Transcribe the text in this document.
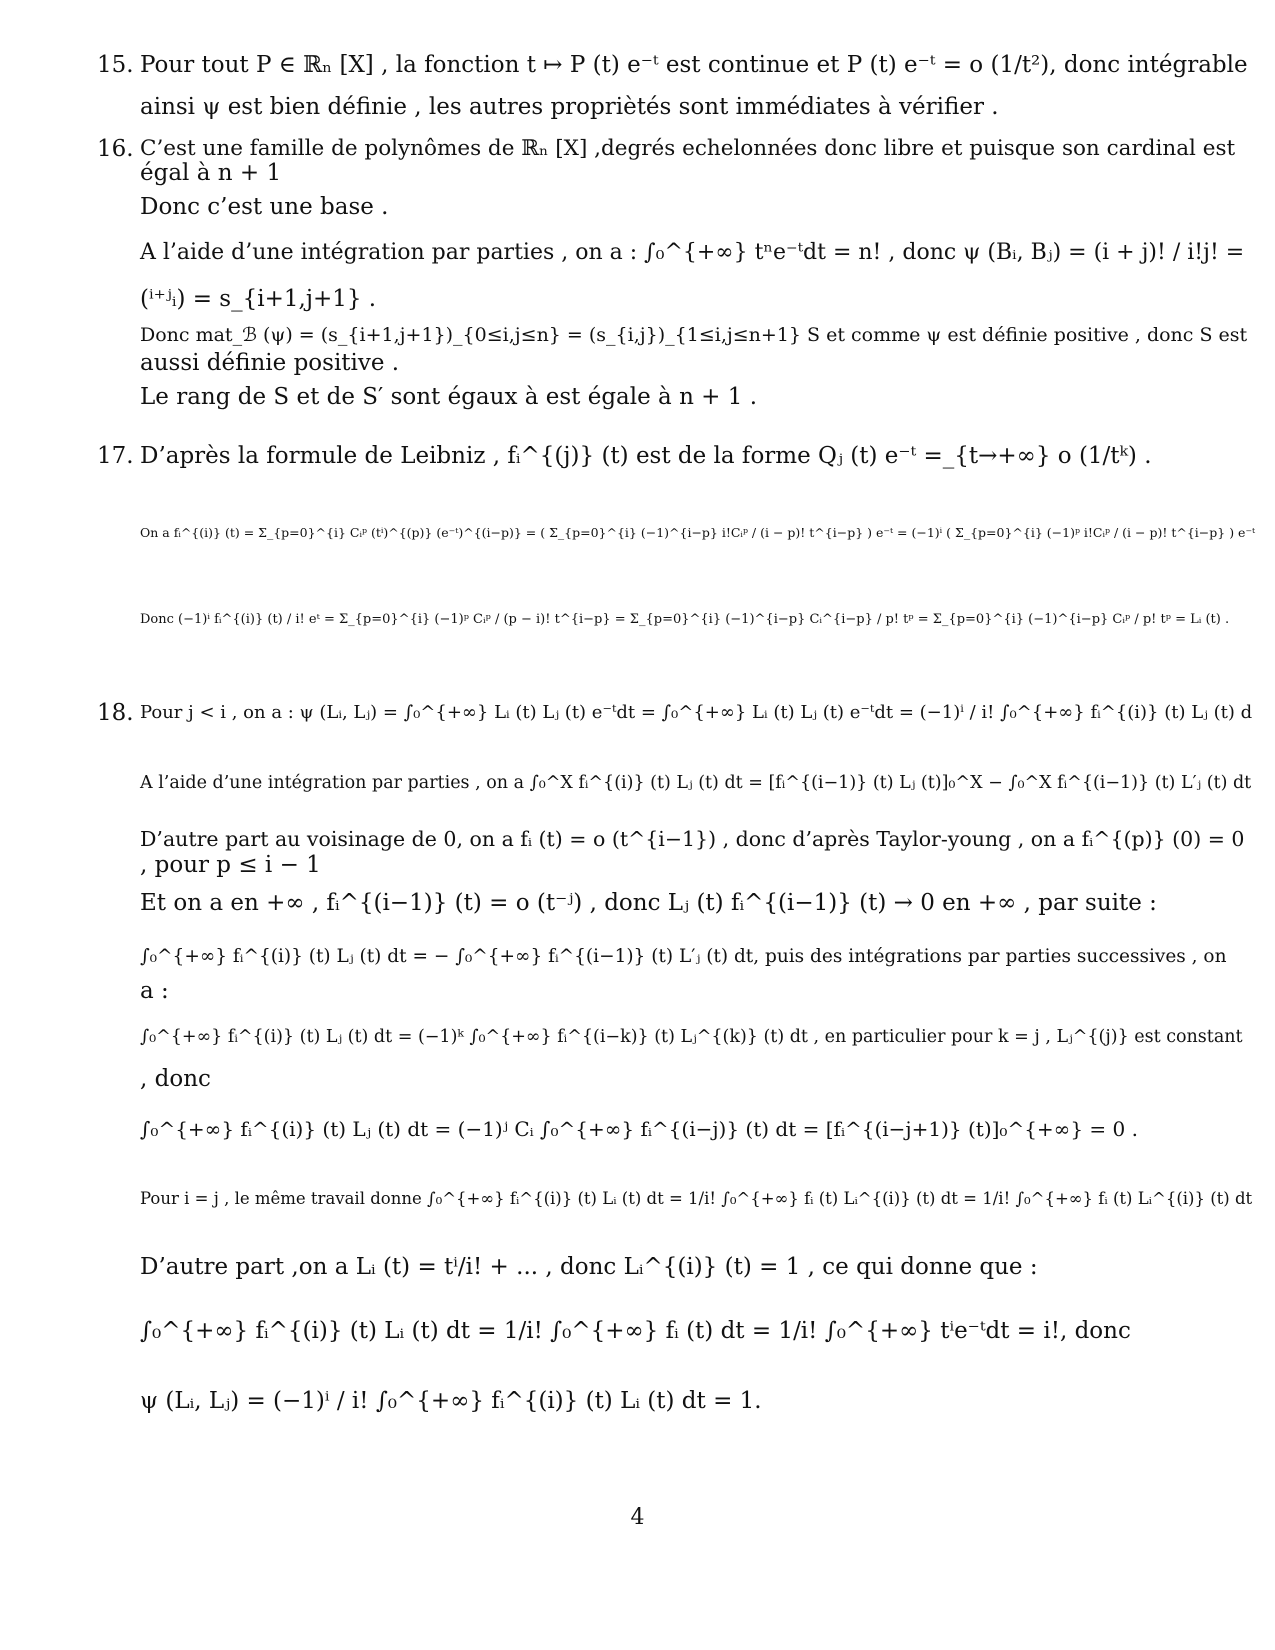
15. Pour tout P ∈ ℝₙ [X] , la fonction t ↦ P (t) e⁻ᵗ est continue et P (t) e⁻ᵗ = o (1/t²), donc intégrable
ainsi ψ est bien définie , les autres propriètés sont immédiates à vérifier .
16. C’est une famille de polynômes de ℝₙ [X] ,degrés echelonnées donc libre et puisque son cardinal est
égal à n + 1
Donc c’est une base .
A l’aide d’une intégration par parties , on a : ∫₀^{+∞} tⁿe⁻ᵗdt = n! , donc ψ (Bᵢ, Bⱼ) = (i + j)! / i!j! =
(ⁱ⁺ʲᵢ) = s_{i+1,j+1} .
Donc mat_ℬ (ψ) = (s_{i+1,j+1})_{0≤i,j≤n} = (s_{i,j})_{1≤i,j≤n+1} S et comme ψ est définie positive , donc S est
aussi définie positive .
Le rang de S et de S′ sont égaux à est égale à n + 1 .
17. D’après la formule de Leibniz , fᵢ^{(j)} (t) est de la forme Qⱼ (t) e⁻ᵗ =_{t→+∞} o (1/tᵏ) .
On a fᵢ^{(i)} (t) = Σ_{p=0}^{i} Cᵢᵖ (tⁱ)^{(p)} (e⁻ᵗ)^{(i−p)} = ( Σ_{p=0}^{i} (−1)^{i−p} i!Cᵢᵖ / (i − p)! t^{i−p} ) e⁻ᵗ = (−1)ⁱ ( Σ_{p=0}^{i} (−1)ᵖ i!Cᵢᵖ / (i − p)! t^{i−p} ) e⁻ᵗ
Donc (−1)ⁱ fᵢ^{(i)} (t) / i! eᵗ = Σ_{p=0}^{i} (−1)ᵖ Cᵢᵖ / (p − i)! t^{i−p} = Σ_{p=0}^{i} (−1)^{i−p} Cᵢ^{i−p} / p! tᵖ = Σ_{p=0}^{i} (−1)^{i−p} Cᵢᵖ / p! tᵖ = Lᵢ (t) .
18. Pour j < i , on a : ψ (Lᵢ, Lⱼ) = ∫₀^{+∞} Lᵢ (t) Lⱼ (t) e⁻ᵗdt = ∫₀^{+∞} Lᵢ (t) Lⱼ (t) e⁻ᵗdt = (−1)ⁱ / i! ∫₀^{+∞} fᵢ^{(i)} (t) Lⱼ (t) d
A l’aide d’une intégration par parties , on a ∫₀^X fᵢ^{(i)} (t) Lⱼ (t) dt = [fᵢ^{(i−1)} (t) Lⱼ (t)]₀^X − ∫₀^X fᵢ^{(i−1)} (t) L′ⱼ (t) dt
D’autre part au voisinage de 0, on a fᵢ (t) = o (t^{i−1}) , donc d’après Taylor-young , on a fᵢ^{(p)} (0) = 0
, pour p ≤ i − 1
Et on a en +∞ , fᵢ^{(i−1)} (t) = o (t⁻ʲ) , donc Lⱼ (t) fᵢ^{(i−1)} (t) → 0 en +∞ , par suite :
∫₀^{+∞} fᵢ^{(i)} (t) Lⱼ (t) dt = − ∫₀^{+∞} fᵢ^{(i−1)} (t) L′ⱼ (t) dt, puis des intégrations par parties successives , on
a :
∫₀^{+∞} fᵢ^{(i)} (t) Lⱼ (t) dt = (−1)ᵏ ∫₀^{+∞} fᵢ^{(i−k)} (t) Lⱼ^{(k)} (t) dt , en particulier pour k = j , Lⱼ^{(j)} est constant
, donc
∫₀^{+∞} fᵢ^{(i)} (t) Lⱼ (t) dt = (−1)ʲ Cᵢ ∫₀^{+∞} fᵢ^{(i−j)} (t) dt = [fᵢ^{(i−j+1)} (t)]₀^{+∞} = 0 .
Pour i = j , le même travail donne ∫₀^{+∞} fᵢ^{(i)} (t) Lᵢ (t) dt = 1/i! ∫₀^{+∞} fᵢ (t) Lᵢ^{(i)} (t) dt = 1/i! ∫₀^{+∞} fᵢ (t) Lᵢ^{(i)} (t) dt
D’autre part ,on a Lᵢ (t) = tⁱ/i! + ... , donc Lᵢ^{(i)} (t) = 1 , ce qui donne que :
∫₀^{+∞} fᵢ^{(i)} (t) Lᵢ (t) dt = 1/i! ∫₀^{+∞} fᵢ (t) dt = 1/i! ∫₀^{+∞} tⁱe⁻ᵗdt = i!, donc
ψ (Lᵢ, Lⱼ) = (−1)ⁱ / i! ∫₀^{+∞} fᵢ^{(i)} (t) Lᵢ (t) dt = 1.
4
